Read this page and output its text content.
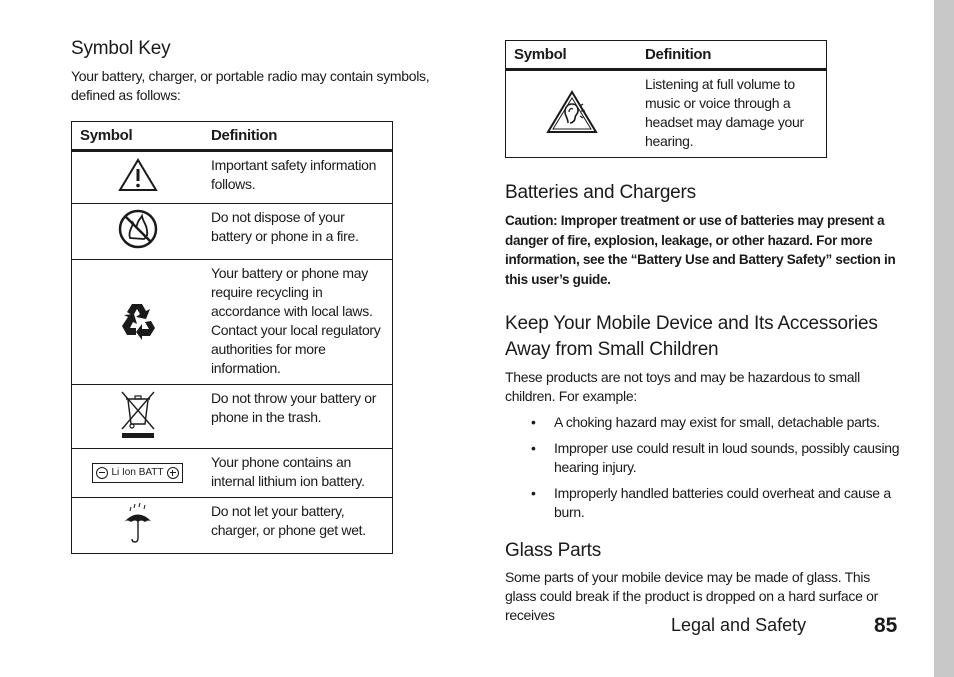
Symbol Key

Your battery, charger, or portable radio may contain symbols, defined as follows:

Symbol	Definition
	Important safety information follows.
	Do not dispose of your battery or phone in a fire.
	Your battery or phone may require recycling in accordance with local laws. Contact your local regulatory authorities for more information.
	Do not throw your battery or phone in the trash.

Li Ion BATT	Your phone contains an internal lithium ion battery.
	Do not let your battery, charger, or phone get wet.
Symbol	Definition
	Listening at full volume to music or voice through a headset may damage your hearing.
Batteries and Chargers

Caution: Improper treatment or use of batteries may present a danger of fire, explosion, leakage, or other hazard. For more information, see the “Battery Use and Battery Safety” section in this user’s guide.

Keep Your Mobile Device and Its Accessories Away from Small Children

These products are not toys and may be hazardous to small children. For example:

• A choking hazard may exist for small, detachable parts.
• Improper use could result in loud sounds, possibly causing hearing injury.
• Improperly handled batteries could overheat and cause a burn.
Glass Parts

Some parts of your mobile device may be made of glass. This glass could break if the product is dropped on a hard surface or receives	Legal and Safety	85
